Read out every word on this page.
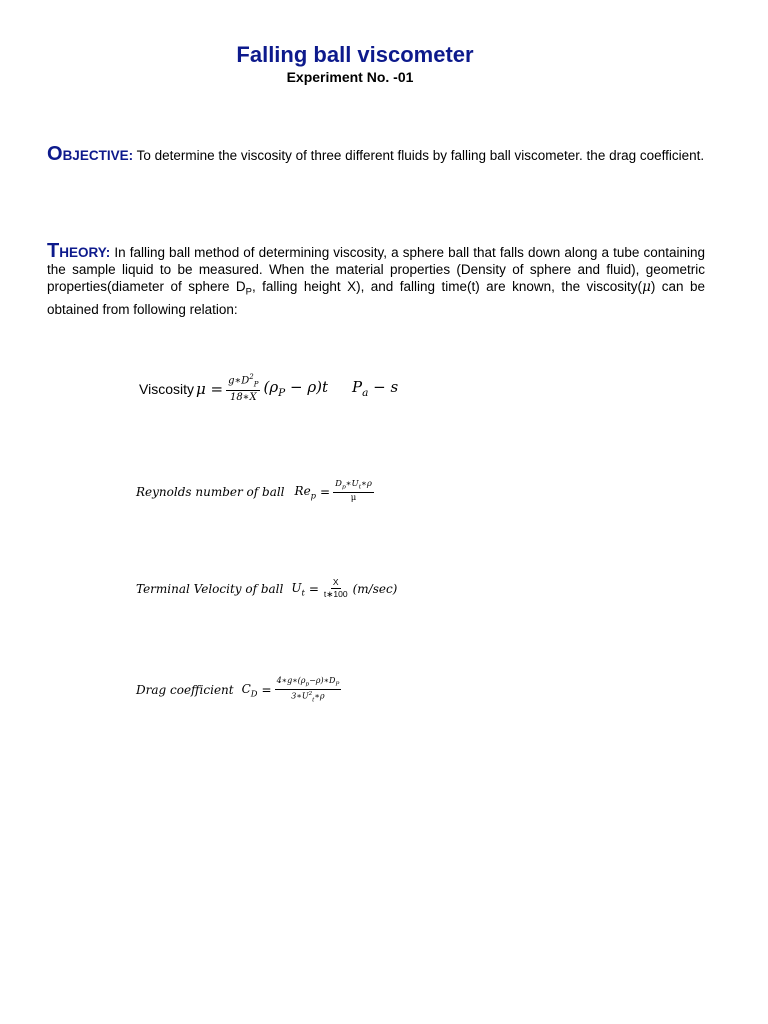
Falling ball viscometer
Experiment No. -01
OBJECTIVE: To determine the viscosity of three different fluids by falling ball viscometer. the drag coefficient.
THEORY: In falling ball method of determining viscosity, a sphere ball that falls down along a tube containing the sample liquid to be measured. When the material properties (Density of sphere and fluid), geometric properties(diameter of sphere $D_P$, falling height X), and falling time(t) are known, the viscosity(μ) can be obtained from following relation:
Viscosity $\mu = \frac{g∗D^2_P}{18∗X} (\rho_P - \rho)t$ $P_a - s$
Reynolds number of ball $Re_p = \frac{D_p∗U_t∗\rho}{\mu}$
Terminal Velocity of ball $U_t = \frac{X}{t∗100} (m/\sec)$
Drag coefficient $C_D = \frac{4∗g∗(\rho_p-\rho)∗D_P}{3∗U^2_t∗\rho}$
